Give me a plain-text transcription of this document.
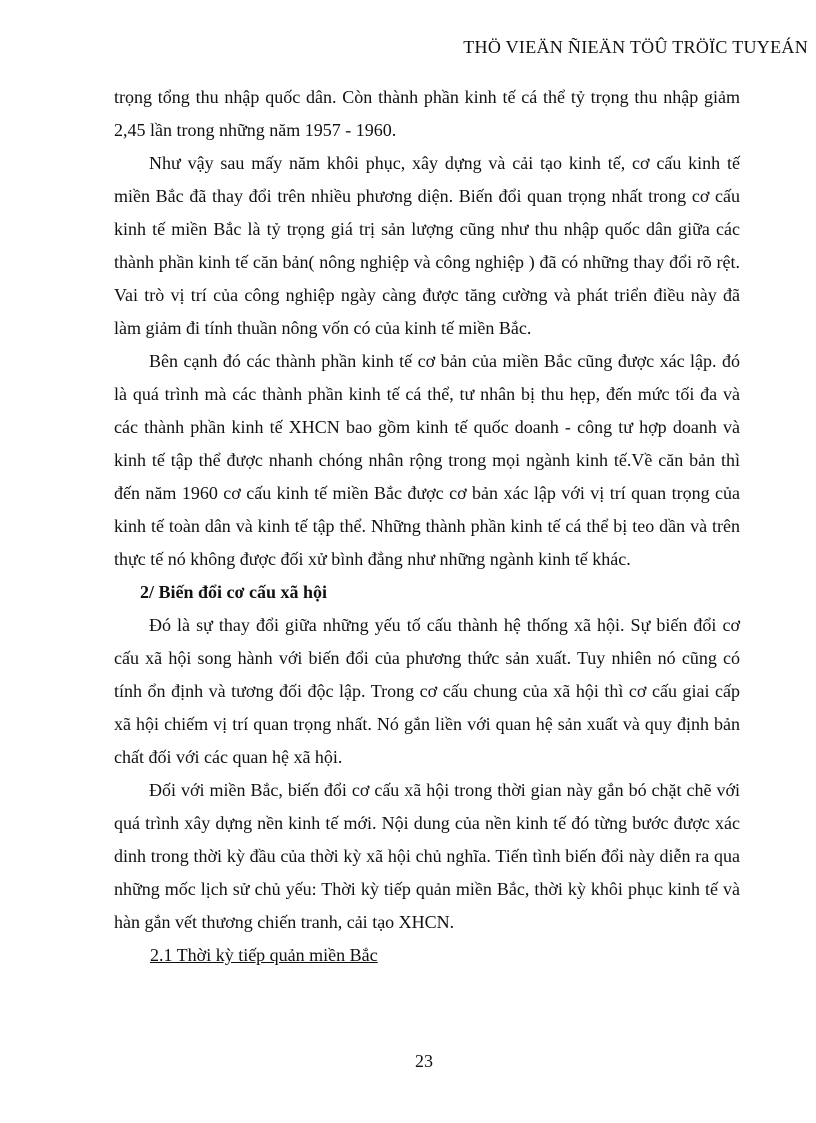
THÖ VIEÄN ÑIEÄN TÖÛ TRÖÏC TUYEÁN

trọng tổng thu nhập quốc dân. Còn thành phần kinh tế cá thể tỷ trọng thu nhập giảm 2,45 lần trong những năm 1957 - 1960.

Như vậy sau mấy năm khôi phục, xây dựng và cải tạo kinh tế, cơ cấu kinh tế miền Bắc đã thay đổi trên nhiều phương diện. Biến đổi quan trọng nhất trong cơ cấu kinh tế miền Bắc là tỷ trọng giá trị sản lượng cũng như thu nhập quốc dân giữa các thành phần kinh tế căn bản( nông nghiệp và công nghiệp ) đã có những thay đổi rõ rệt. Vai trò vị trí của công nghiệp ngày càng được tăng cường và phát triển điều này đã làm giảm đi tính thuần nông vốn có của kinh tế miền Bắc.

Bên cạnh đó các thành phần kinh tế cơ bản của miền Bắc cũng được xác lập. đó là quá trình mà các thành phần kinh tế cá thể, tư nhân bị thu hẹp, đến mức tối đa và các thành phần kinh tế XHCN bao gồm kinh tế quốc doanh - công tư hợp doanh và kinh tế tập thể được nhanh chóng nhân rộng trong mọi ngành kinh tế.Về căn bản thì đến năm 1960 cơ cấu kinh tế miền Bắc được cơ bản xác lập với vị trí quan trọng của kinh tế toàn dân và kinh tế tập thể. Những thành phần kinh tế cá thể bị teo dần và trên thực tế nó không được đối xử bình đẳng như những ngành kinh tế khác.

2/ Biến đổi cơ cấu xã hội

Đó là sự thay đổi giữa những yếu tố cấu thành hệ thống xã hội. Sự biến đổi cơ cấu xã hội song hành với biến đổi của phương thức sản xuất. Tuy nhiên nó cũng có tính ổn định và tương đối độc lập. Trong cơ cấu chung của xã hội thì cơ cấu giai cấp xã hội chiếm vị trí quan trọng nhất. Nó gắn liền với quan hệ sản xuất và quy định bản chất đối với các quan hệ xã hội.

Đối với miền Bắc, biến đổi cơ cấu xã hội trong thời gian này gắn bó chặt chẽ với quá trình xây dựng nền kinh tế mới. Nội dung của nền kinh tế đó từng bước được xác dinh trong thời kỳ đầu của thời kỳ xã hội chủ nghĩa. Tiến tình biến đổi này diễn ra qua những mốc lịch sử chủ yếu: Thời kỳ tiếp quản miền Bắc, thời kỳ khôi phục kinh tế và hàn gắn vết thương chiến tranh, cải tạo XHCN.

2.1 Thời kỳ tiếp quản miền Bắc

23
